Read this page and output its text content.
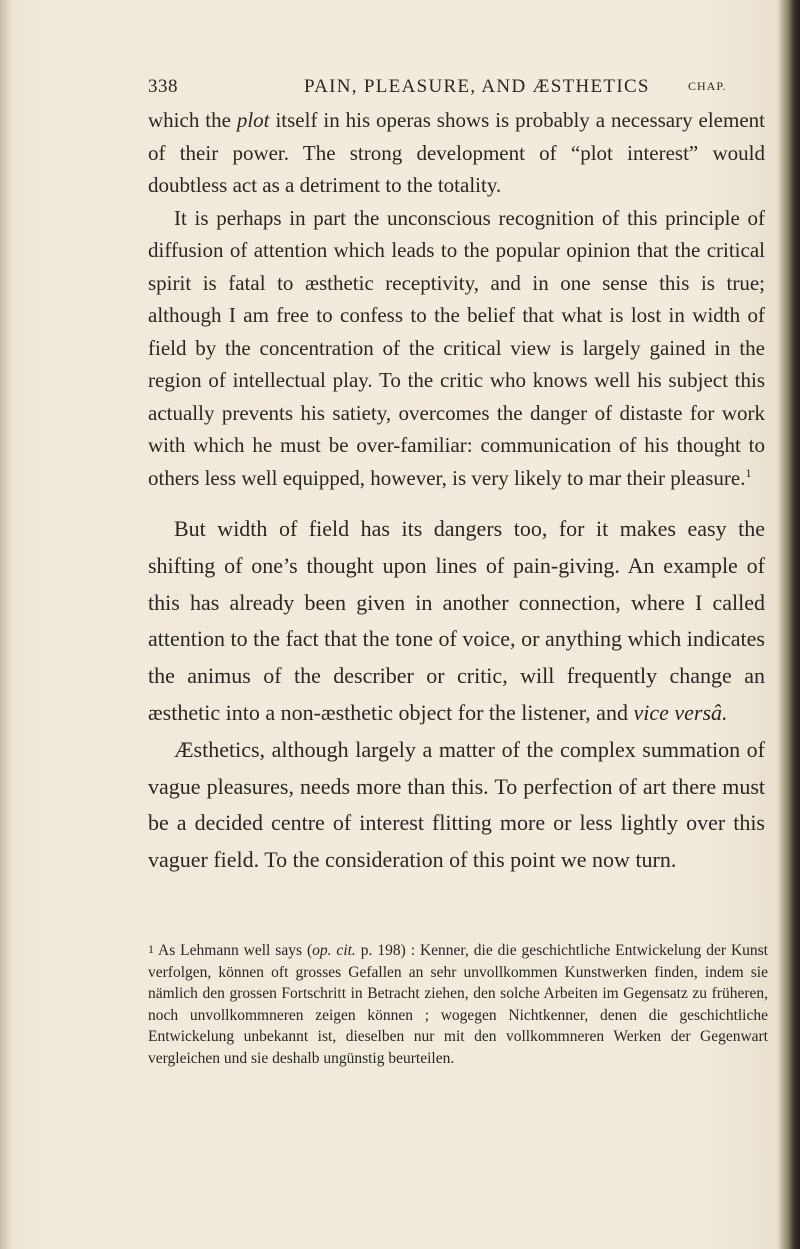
338	PAIN, PLEASURE, AND ÆSTHETICS	CHAP.

which the plot itself in his operas shows is probably a necessary element of their power. The strong development of “plot interest” would doubtless act as a detriment to the totality.

It is perhaps in part the unconscious recognition of this principle of diffusion of attention which leads to the popular opinion that the critical spirit is fatal to æsthetic receptivity, and in one sense this is true; although I am free to confess to the belief that what is lost in width of field by the concentration of the critical view is largely gained in the region of intellectual play. To the critic who knows well his subject this actually prevents his satiety, overcomes the danger of distaste for work with which he must be over-familiar: communication of his thought to others less well equipped, however, is very likely to mar their pleasure.$^1$

But width of field has its dangers too, for it makes easy the shifting of one’s thought upon lines of pain-giving. An example of this has already been given in another connection, where I called attention to the fact that the tone of voice, or anything which indicates the animus of the describer or critic, will frequently change an æsthetic into a non-æsthetic object for the listener, and vice versâ.

Æsthetics, although largely a matter of the complex summation of vague pleasures, needs more than this. To perfection of art there must be a decided centre of interest flitting more or less lightly over this vaguer field. To the consideration of this point we now turn.

1 As Lehmann well says (op. cit. p. 198) : Kenner, die die geschichtliche Entwickelung der Kunst verfolgen, können oft grosses Gefallen an sehr unvollkommen Kunstwerken finden, indem sie nämlich den grossen Fortschritt in Betracht ziehen, den solche Arbeiten im Gegensatz zu früheren, noch unvollkommneren zeigen können ; wogegen Nichtkenner, denen die geschichtliche Entwickelung unbekannt ist, dieselben nur mit den vollkommneren Werken der Gegenwart vergleichen und sie deshalb ungünstig beurteilen.
